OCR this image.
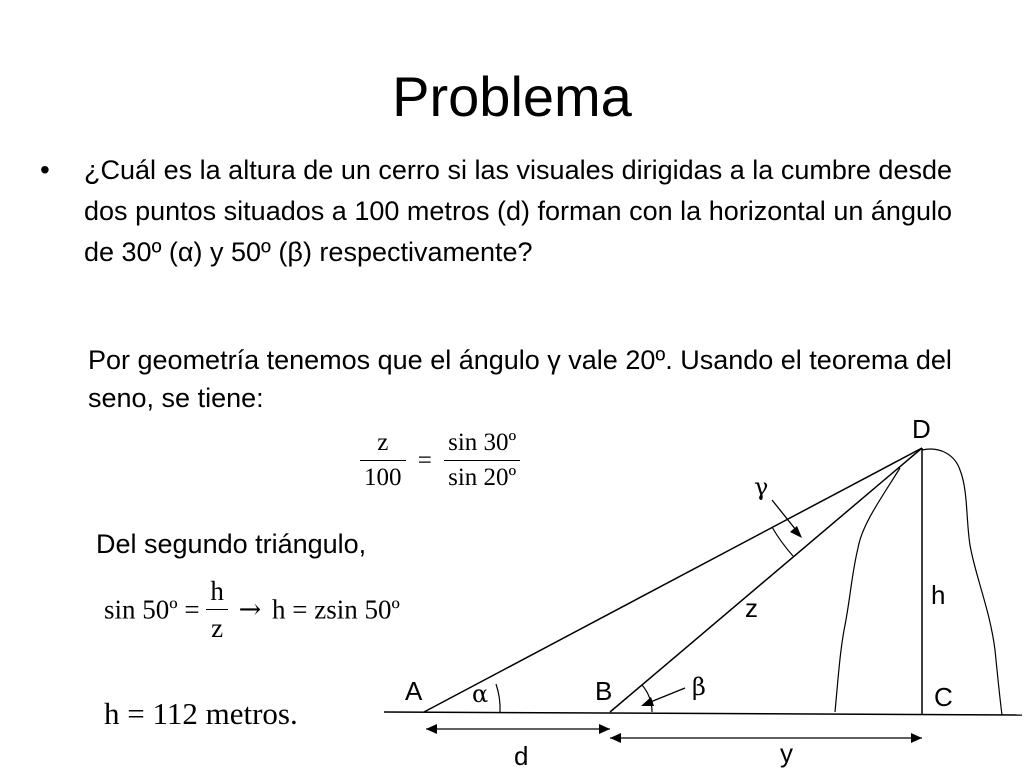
Problema
• ¿Cuál es la altura de un cerro si las visuales dirigidas a la cumbre desde dos puntos situados a 100 metros (d) forman con la horizontal un ángulo de 30º (α) y 50º (β) respectivamente?
Por geometría tenemos que el ángulo γ vale 20º. Usando el teorema del seno, se tiene:
$\frac{z}{100} = \frac{\text{sin 30º}}{\text{sin 20º}}$
Del segundo triángulo,
sin 50º = $\frac{h}{z} \to h = zsin$ 50º
h = 112 metros.
A	B	C
D
h
z
d	y
α	β
γ
